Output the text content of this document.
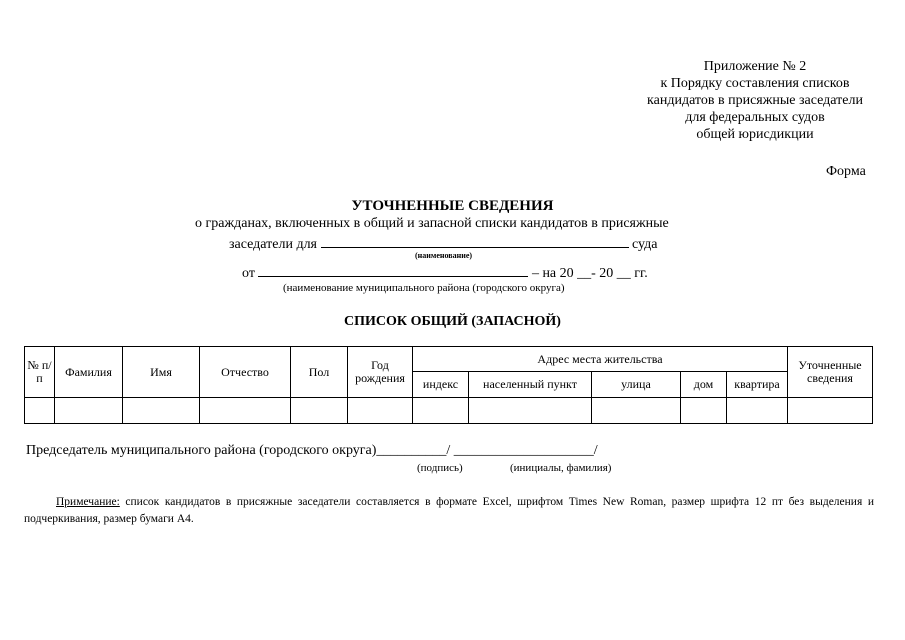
Приложение № 2
к Порядку составления списков
кандидатов в присяжные заседатели
для федеральных судов
общей юрисдикции
Форма
УТОЧНЕННЫЕ СВЕДЕНИЯ
о гражданах, включенных в общий и запасной списки кандидатов в присяжные
заседатели для	суда
(наименование)
от	– на 20 __- 20 __ гг.
(наименование муниципального района (городского округа)
СПИСОК ОБЩИЙ (ЗАПАСНОЙ)
№ п/п	Фамилия	Имя	Отчество	Пол	Год рождения	Адрес места жительства					Уточненные сведения
						индекс	населенный пункт	улица	дом	квартира	

Председатель муниципального района (городского округа)__________/ ____________________/
(подпись)	(инициалы, фамилия)
Примечание: список кандидатов в присяжные заседатели составляется в формате Excel, шрифтом Times New Roman, размер шрифта 12 пт без выделения и подчеркивания, размер бумаги А4.
